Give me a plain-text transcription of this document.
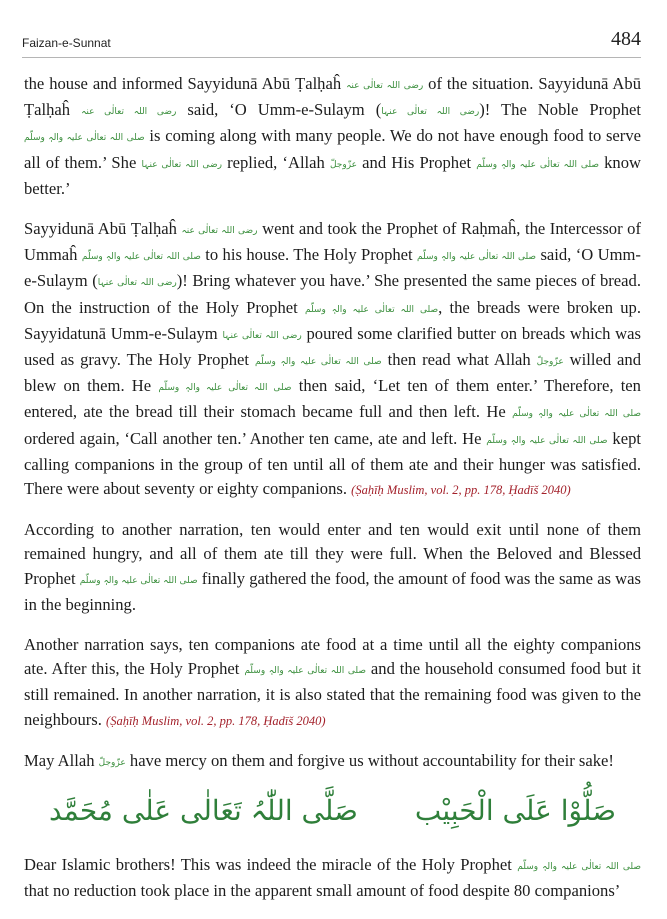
Faizan-e-Sunnat	484

the house and informed Sayyidunā Abū Ṭalḥaĥ رضی اللہ تعالٰی عنہ of the situation. Sayyidunā Abū Ṭalḥaĥ رضی اللہ تعالٰی عنہ said, ‘O Umm-e-Sulaym (رضی اللہ تعالٰی عنہا)! The Noble Prophet صلی اللہ تعالٰی علیہ والہٖ وسلّم is coming along with many people. We do not have enough food to serve all of them.’ She رضی اللہ تعالٰی عنہا replied, ‘Allah عزّوجلّ and His Prophet صلی اللہ تعالٰی علیہ والہٖ وسلّم know better.’

Sayyidunā Abū Ṭalḥaĥ رضی اللہ تعالٰی عنہ went and took the Prophet of Raḥmaĥ, the Intercessor of Ummaĥ صلی اللہ تعالٰی علیہ والہٖ وسلّم to his house. The Holy Prophet صلی اللہ تعالٰی علیہ والہٖ وسلّم said, ‘O Umm-e-Sulaym (رضی اللہ تعالٰی عنہا)! Bring whatever you have.’ She presented the same pieces of bread. On the instruction of the Holy Prophet صلی اللہ تعالٰی علیہ والہٖ وسلّم, the breads were broken up. Sayyidatunā Umm-e-Sulaym رضی اللہ تعالٰی عنہا poured some clarified butter on breads which was used as gravy. The Holy Prophet صلی اللہ تعالٰی علیہ والہٖ وسلّم then read what Allah عزّوجلّ willed and blew on them. He صلی اللہ تعالٰی علیہ والہٖ وسلّم then said, ‘Let ten of them enter.’ Therefore, ten entered, ate the bread till their stomach became full and then left. He صلی اللہ تعالٰی علیہ والہٖ وسلّم ordered again, ‘Call another ten.’ Another ten came, ate and left. He صلی اللہ تعالٰی علیہ والہٖ وسلّم kept calling companions in the group of ten until all of them ate and their hunger was satisfied. There were about seventy or eighty companions. (Ṣaḥīḥ Muslim, vol. 2, pp. 178, Ḥadīš 2040)

According to another narration, ten would enter and ten would exit until none of them remained hungry, and all of them ate till they were full. When the Beloved and Blessed Prophet صلی اللہ تعالٰی علیہ والہٖ وسلّم finally gathered the food, the amount of food was the same as was in the beginning.

Another narration says, ten companions ate food at a time until all the eighty companions ate. After this, the Holy Prophet صلی اللہ تعالٰی علیہ والہٖ وسلّم and the household consumed food but it still remained. In another narration, it is also stated that the remaining food was given to the neighbours. (Ṣaḥīḥ Muslim, vol. 2, pp. 178, Ḥadīš 2040)

May Allah عزّوجلّ have mercy on them and forgive us without accountability for their sake!

صَلُّوْا عَلَی الْحَبِیْب صَلَّی اللّٰہُ تَعَالٰی عَلٰی مُحَمَّد

Dear Islamic brothers! This was indeed the miracle of the Holy Prophet صلی اللہ تعالٰی علیہ والہٖ وسلّم that no reduction took place in the apparent small amount of food despite 80 companions’
